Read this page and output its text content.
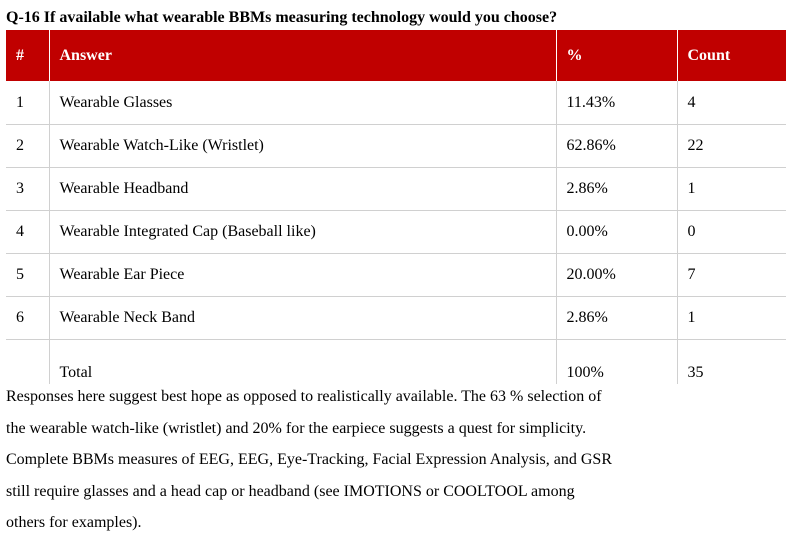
Q-16 If available what wearable BBMs measuring technology would you choose?
#	Answer	%	Count
1	Wearable Glasses	11.43%	4
2	Wearable Watch-Like (Wristlet)	62.86%	22
3	Wearable Headband	2.86%	1
4	Wearable Integrated Cap (Baseball like)	0.00%	0
5	Wearable Ear Piece	20.00%	7
6	Wearable Neck Band	2.86%	1
	Total	100%	35
Responses here suggest best hope as opposed to realistically available. The 63 % selection of
the wearable watch-like (wristlet) and 20% for the earpiece suggests a quest for simplicity.
Complete BBMs measures of EEG, EEG, Eye-Tracking, Facial Expression Analysis, and GSR
still require glasses and a head cap or headband (see IMOTIONS or COOLTOOL among
others for examples).
